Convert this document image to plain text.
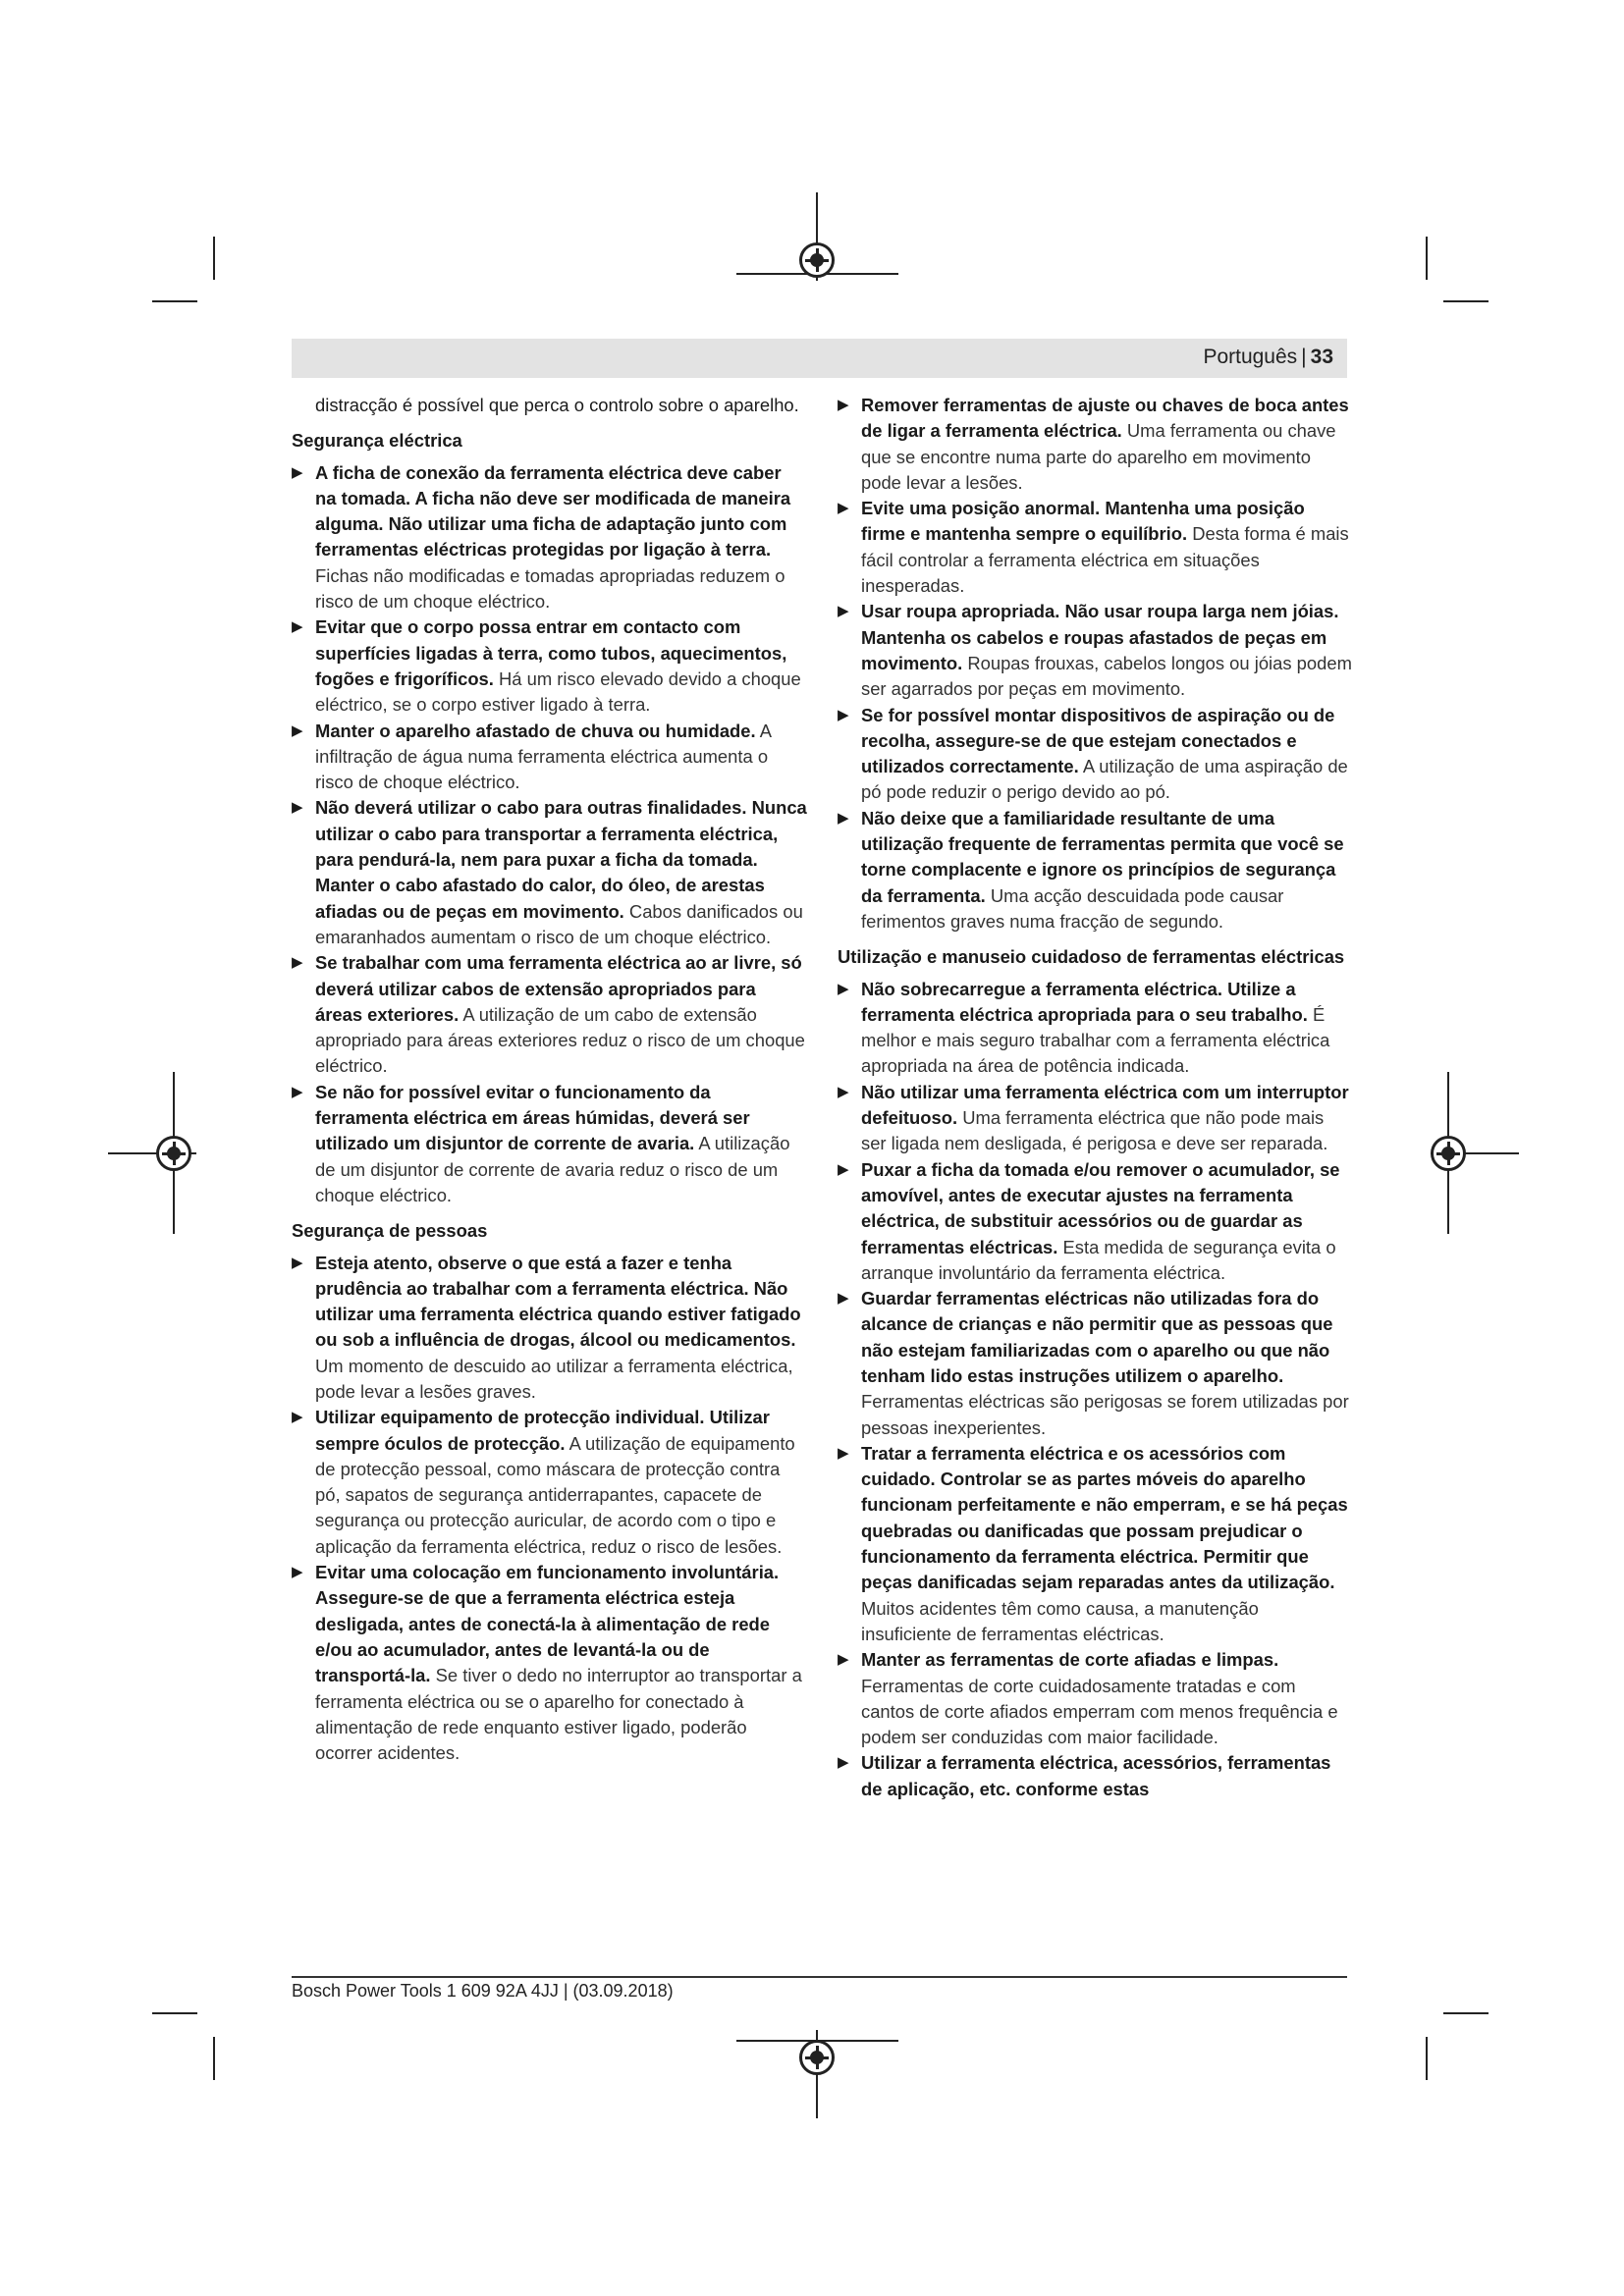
Português | 33

distracção é possível que perca o controlo sobre o aparelho.

Segurança eléctrica

▶ A ficha de conexão da ferramenta eléctrica deve caber na tomada. A ficha não deve ser modificada de maneira alguma. Não utilizar uma ficha de adaptação junto com ferramentas eléctricas protegidas por ligação à terra. Fichas não modificadas e tomadas apropriadas reduzem o risco de um choque eléctrico.

▶ Evitar que o corpo possa entrar em contacto com superfícies ligadas à terra, como tubos, aquecimentos, fogões e frigoríficos. Há um risco elevado devido a choque eléctrico, se o corpo estiver ligado à terra.

▶ Manter o aparelho afastado de chuva ou humidade. A infiltração de água numa ferramenta eléctrica aumenta o risco de choque eléctrico.

▶ Não deverá utilizar o cabo para outras finalidades. Nunca utilizar o cabo para transportar a ferramenta eléctrica, para pendurá-la, nem para puxar a ficha da tomada. Manter o cabo afastado do calor, do óleo, de arestas afiadas ou de peças em movimento. Cabos danificados ou emaranhados aumentam o risco de um choque eléctrico.

▶ Se trabalhar com uma ferramenta eléctrica ao ar livre, só deverá utilizar cabos de extensão apropriados para áreas exteriores. A utilização de um cabo de extensão apropriado para áreas exteriores reduz o risco de um choque eléctrico.

▶ Se não for possível evitar o funcionamento da ferramenta eléctrica em áreas húmidas, deverá ser utilizado um disjuntor de corrente de avaria. A utilização de um disjuntor de corrente de avaria reduz o risco de um choque eléctrico.

Segurança de pessoas

▶ Esteja atento, observe o que está a fazer e tenha prudência ao trabalhar com a ferramenta eléctrica. Não utilizar uma ferramenta eléctrica quando estiver fatigado ou sob a influência de drogas, álcool ou medicamentos. Um momento de descuido ao utilizar a ferramenta eléctrica, pode levar a lesões graves.

▶ Utilizar equipamento de protecção individual. Utilizar sempre óculos de protecção. A utilização de equipamento de protecção pessoal, como máscara de protecção contra pó, sapatos de segurança antiderrapantes, capacete de segurança ou protecção auricular, de acordo com o tipo e aplicação da ferramenta eléctrica, reduz o risco de lesões.

▶ Evitar uma colocação em funcionamento involuntária. Assegure-se de que a ferramenta eléctrica esteja desligada, antes de conectá-la à alimentação de rede e/ou ao acumulador, antes de levantá-la ou de transportá-la. Se tiver o dedo no interruptor ao transportar a ferramenta eléctrica ou se o aparelho for conectado à alimentação de rede enquanto estiver ligado, poderão ocorrer acidentes.

▶ Remover ferramentas de ajuste ou chaves de boca antes de ligar a ferramenta eléctrica. Uma ferramenta ou chave que se encontre numa parte do aparelho em movimento pode levar a lesões.

▶ Evite uma posição anormal. Mantenha uma posição firme e mantenha sempre o equilíbrio. Desta forma é mais fácil controlar a ferramenta eléctrica em situações inesperadas.

▶ Usar roupa apropriada. Não usar roupa larga nem jóias. Mantenha os cabelos e roupas afastados de peças em movimento. Roupas frouxas, cabelos longos ou jóias podem ser agarrados por peças em movimento.

▶ Se for possível montar dispositivos de aspiração ou de recolha, assegure-se de que estejam conectados e utilizados correctamente. A utilização de uma aspiração de pó pode reduzir o perigo devido ao pó.

▶ Não deixe que a familiaridade resultante de uma utilização frequente de ferramentas permita que você se torne complacente e ignore os princípios de segurança da ferramenta. Uma acção descuidada pode causar ferimentos graves numa fracção de segundo.

Utilização e manuseio cuidadoso de ferramentas eléctricas

▶ Não sobrecarregue a ferramenta eléctrica. Utilize a ferramenta eléctrica apropriada para o seu trabalho. É melhor e mais seguro trabalhar com a ferramenta eléctrica apropriada na área de potência indicada.

▶ Não utilizar uma ferramenta eléctrica com um interruptor defeituoso. Uma ferramenta eléctrica que não pode mais ser ligada nem desligada, é perigosa e deve ser reparada.

▶ Puxar a ficha da tomada e/ou remover o acumulador, se amovível, antes de executar ajustes na ferramenta eléctrica, de substituir acessórios ou de guardar as ferramentas eléctricas. Esta medida de segurança evita o arranque involuntário da ferramenta eléctrica.

▶ Guardar ferramentas eléctricas não utilizadas fora do alcance de crianças e não permitir que as pessoas que não estejam familiarizadas com o aparelho ou que não tenham lido estas instruções utilizem o aparelho. Ferramentas eléctricas são perigosas se forem utilizadas por pessoas inexperientes.

▶ Tratar a ferramenta eléctrica e os acessórios com cuidado. Controlar se as partes móveis do aparelho funcionam perfeitamente e não emperram, e se há peças quebradas ou danificadas que possam prejudicar o funcionamento da ferramenta eléctrica. Permitir que peças danificadas sejam reparadas antes da utilização. Muitos acidentes têm como causa, a manutenção insuficiente de ferramentas eléctricas.

▶ Manter as ferramentas de corte afiadas e limpas. Ferramentas de corte cuidadosamente tratadas e com cantos de corte afiados emperram com menos frequência e podem ser conduzidas com maior facilidade.

▶ Utilizar a ferramenta eléctrica, acessórios, ferramentas de aplicação, etc. conforme estas

Bosch Power Tools 1 609 92A 4JJ | (03.09.2018)
